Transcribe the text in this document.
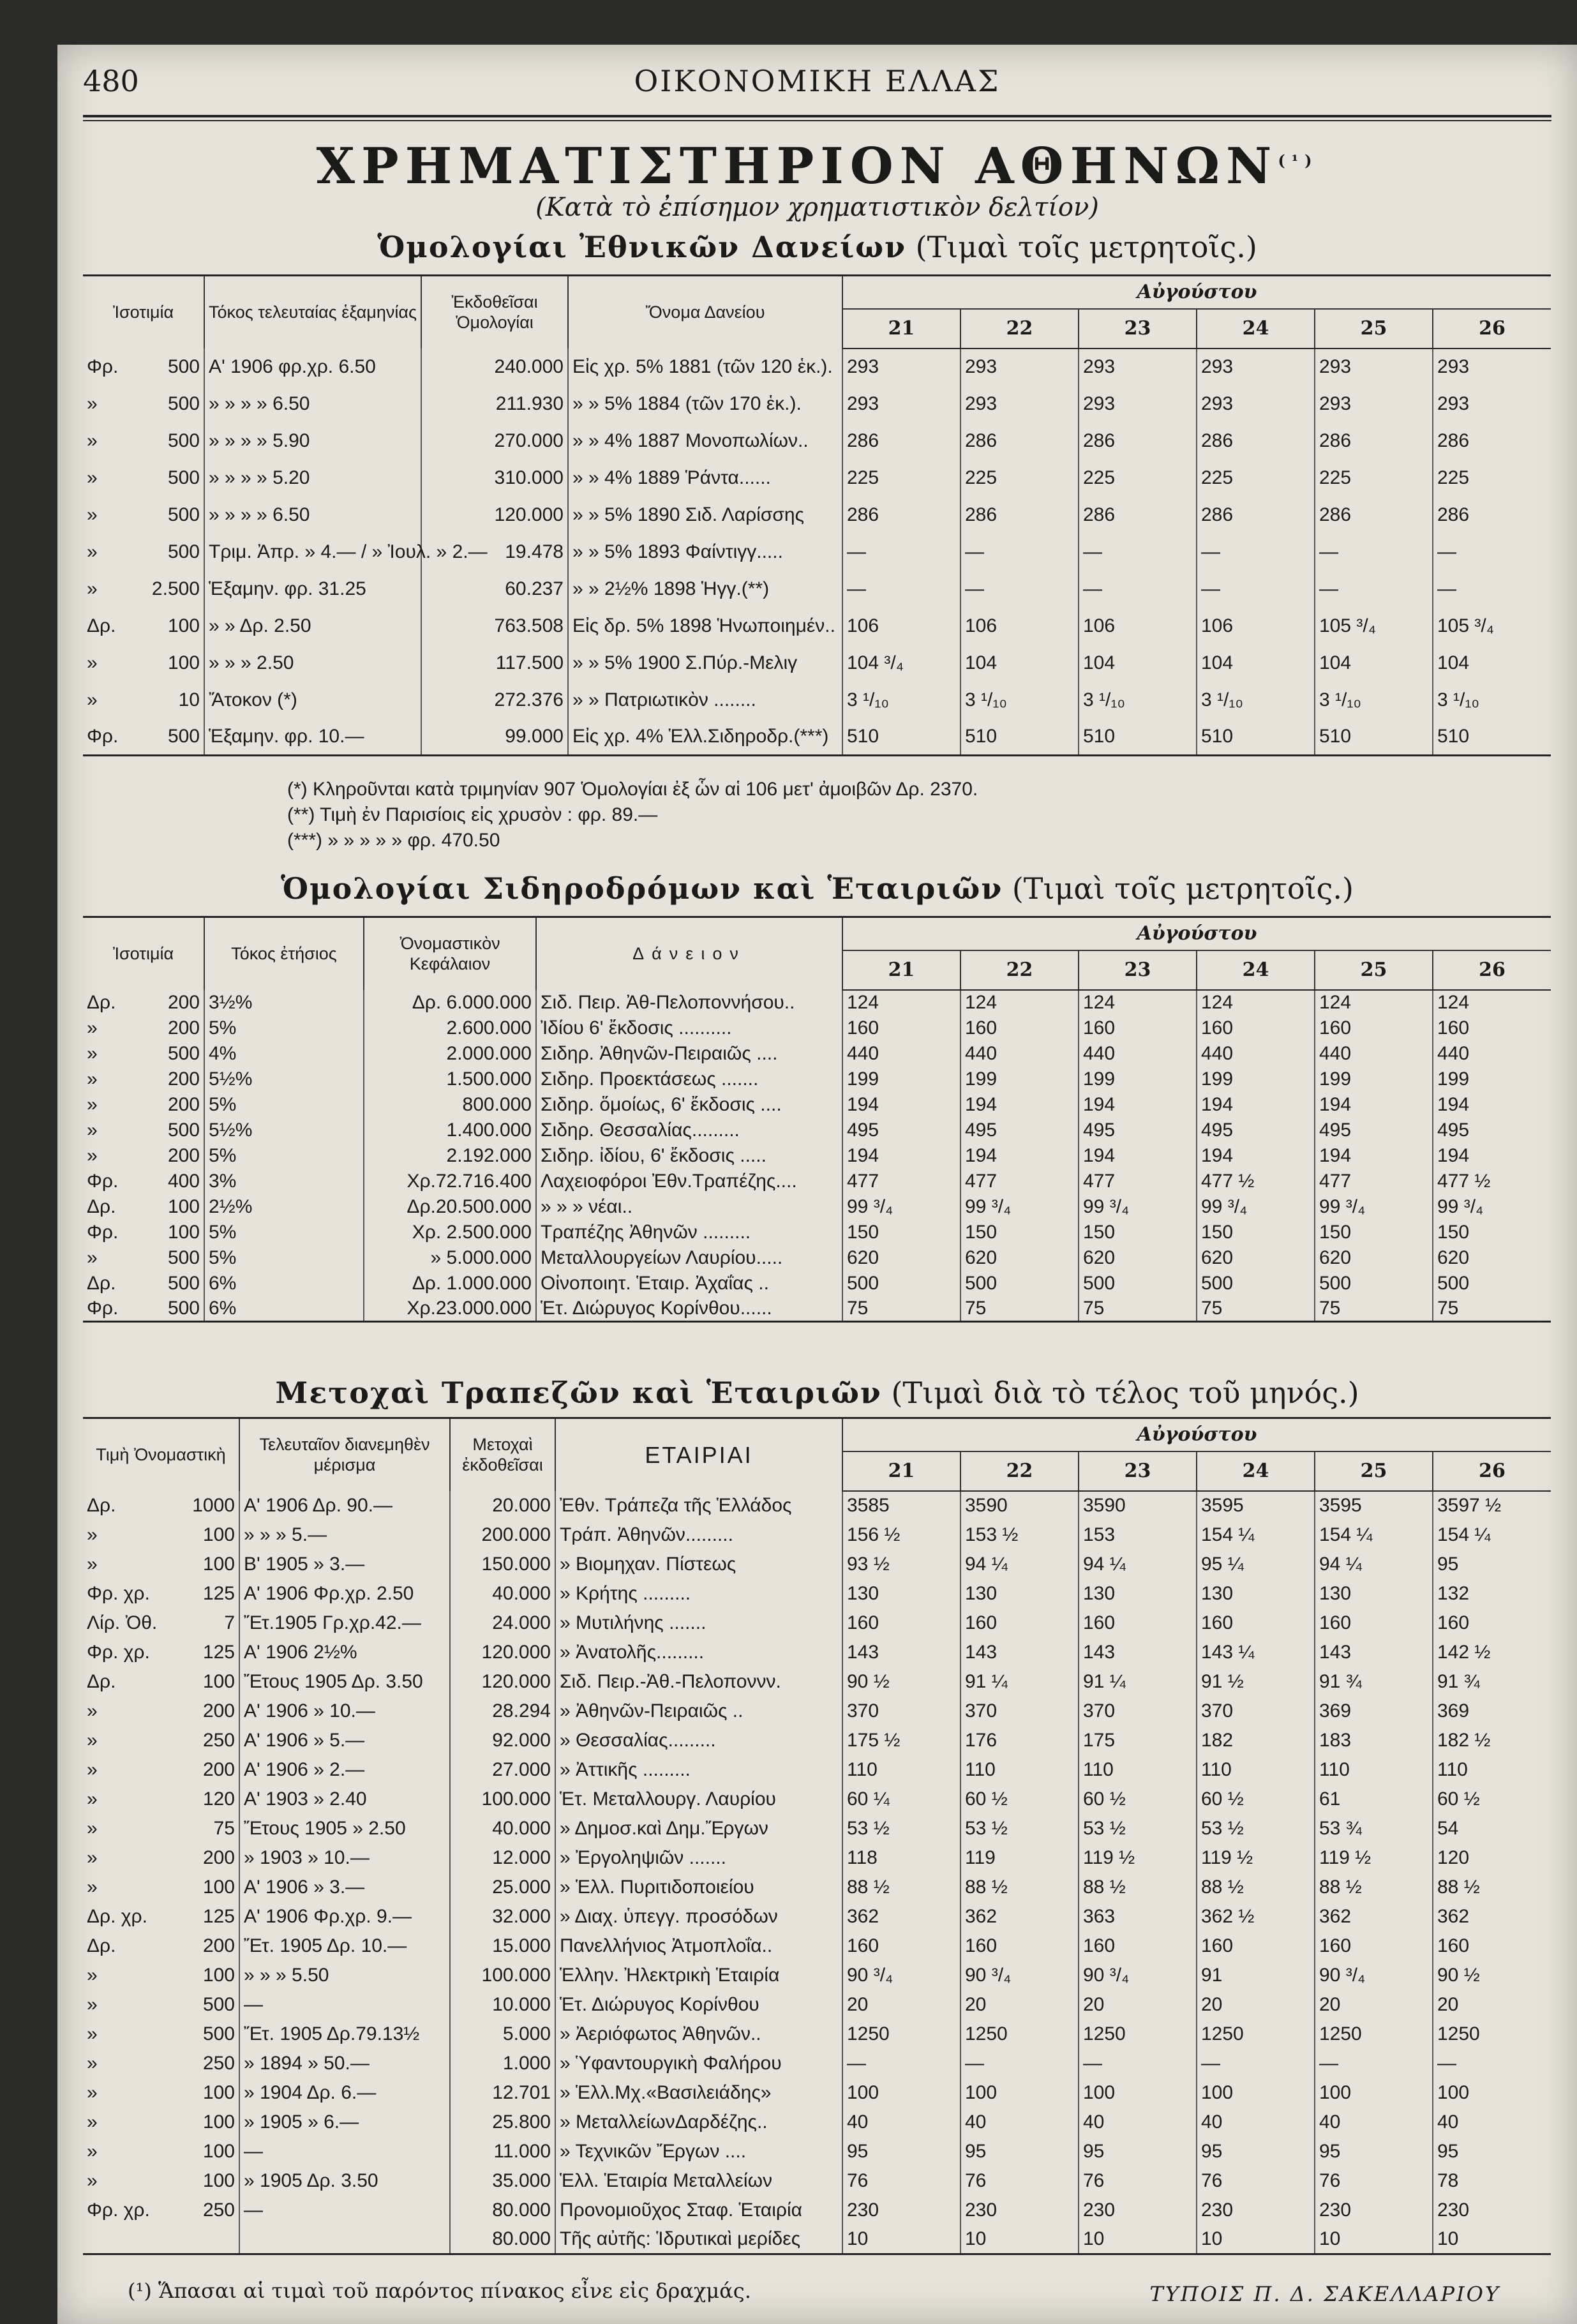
480	ΟΙΚΟΝΟΜΙΚΗ ΕΛΛΑΣ
ΧΡΗΜΑΤΙΣΤΗΡΙΟΝ ΑΘΗΝΩΝ$^{(^1)}$
(Κατὰ τὸ ἐπίσημον χρηματιστικὸν δελτίον)
Ὁμολογίαι Ἐθνικῶν Δανείων (Τιμαὶ τοῖς μετρητοῖς.)
Ἰσοτιμία	Τόκος τελευταίας ἑξαμηνίας	Ἐκδοθεῖσαι Ὁμολογίαι	Ὄνομα Δανείου	Αὐγούστου					
				21	22	23	24	25	26

Φρ. 500	Α' 1906 φρ.χρ. 6.50	240.000	Εἰς χρ. 5% 1881 (τῶν 120 ἑκ.).	293	293	293	293	293	293

» 500	» » » » 6.50	211.930	» » 5% 1884 (τῶν 170 ἑκ.).	293	293	293	293	293	293

» 500	» » » » 5.90	270.000	» » 4% 1887 Μονοπωλίων..	286	286	286	286	286	286

» 500	» » » » 5.20	310.000	» » 4% 1889 Ῥάντα......	225	225	225	225	225	225

» 500	» » » » 6.50	120.000	» » 5% 1890 Σιδ. Λαρίσσης	286	286	286	286	286	286

» 500	Τριμ. Ἀπρ. » 4.— / » Ἰουλ. » 2.—	19.478	» » 5% 1893 Φαίντιγγ.....	—	—	—	—	—	—

» 2.500	Ἑξαμην. φρ. 31.25	60.237	» » 2½% 1898 Ἡγγ.(**)	—	—	—	—	—	—

Δρ. 100	» » Δρ. 2.50	763.508	Εἰς δρ. 5% 1898 Ἡνωποιημέν..	106	106	106	106	105 ³/₄	105 ³/₄

» 100	» » » 2.50	117.500	» » 5% 1900 Σ.Πύρ.-Μελιγ	104 ³/₄	104	104	104	104	104

» 10	Ἄτοκον (*)	272.376	» » Πατριωτικὸν ........	3 ¹/₁₀	3 ¹/₁₀	3 ¹/₁₀	3 ¹/₁₀	3 ¹/₁₀	3 ¹/₁₀

Φρ. 500	Ἑξαμην. φρ. 10.—	99.000	Εἰς χρ. 4% Ἑλλ.Σιδηροδρ.(***)	510	510	510	510	510	510
(*) Κληροῦνται κατὰ τριμηνίαν 907 Ὁμολογίαι ἐξ ὧν αἱ 106 μετ' ἀμοιβῶν Δρ. 2370.
(**) Τιμὴ ἐν Παρισίοις εἰς χρυσὸν : φρ. 89.—
(***) » » » » » φρ. 470.50
Ὁμολογίαι Σιδηροδρόμων καὶ Ἑταιριῶν (Τιμαὶ τοῖς μετρητοῖς.)
Ἰσοτιμία	Τόκος ἐτήσιος	Ὀνομαστικὸν Κεφάλαιον	Δάνειον	Αὐγούστου					
				21	22	23	24	25	26

Δρ. 200	3½%	Δρ. 6.000.000	Σιδ. Πειρ. Ἀθ-Πελοποννήσου..	124	124	124	124	124	124

» 200	5%	2.600.000	Ἰδίου 6' ἔκδοσις ..........	160	160	160	160	160	160

» 500	4%	2.000.000	Σιδηρ. Ἀθηνῶν-Πειραιῶς ....	440	440	440	440	440	440

» 200	5½%	1.500.000	Σιδηρ. Προεκτάσεως .......	199	199	199	199	199	199

» 200	5%	800.000	Σιδηρ. ὅμοίως, 6' ἔκδοσις ....	194	194	194	194	194	194

» 500	5½%	1.400.000	Σιδηρ. Θεσσαλίας.........	495	495	495	495	495	495

» 200	5%	2.192.000	Σιδηρ. ἰδίου, 6' ἔκδοσις .....	194	194	194	194	194	194

Φρ. 400	3%	Χρ.72.716.400	Λαχειοφόροι Ἐθν.Τραπέζης....	477	477	477	477 ½	477	477 ½

Δρ. 100	2½%	Δρ.20.500.000	» » » νέαι..	99 ³/₄	99 ³/₄	99 ³/₄	99 ³/₄	99 ³/₄	99 ³/₄

Φρ. 100	5%	Χρ. 2.500.000	Τραπέζης Ἀθηνῶν .........	150	150	150	150	150	150

» 500	5%	» 5.000.000	Μεταλλουργείων Λαυρίου.....	620	620	620	620	620	620

Δρ. 500	6%	Δρ. 1.000.000	Οἰνοποιητ. Ἑταιρ. Ἀχαΐας ..	500	500	500	500	500	500

Φρ. 500	6%	Χρ.23.000.000	Ἑτ. Διώρυγος Κορίνθου......	75	75	75	75	75	75
Μετοχαὶ Τραπεζῶν καὶ Ἑταιριῶν (Τιμαὶ διὰ τὸ τέλος τοῦ μηνός.)
Τιμὴ Ὀνομαστικὴ	Τελευταῖον διανεμηθὲν μέρισμα	Μετοχαὶ ἐκδοθεῖσαι	ΕΤΑΙΡΙΑΙ	Αὐγούστου					
				21	22	23	24	25	26

Δρ. 1000	Α' 1906 Δρ. 90.—	20.000	Ἐθν. Τράπεζα τῆς Ἑλλάδος	3585	3590	3590	3595	3595	3597 ½

» 100	» » » 5.—	200.000	Τράπ. Ἀθηνῶν.........	156 ½	153 ½	153	154 ¼	154 ¼	154 ¼

» 100	Β' 1905 » 3.—	150.000	» Βιομηχαν. Πίστεως	93 ½	94 ¼	94 ¼	95 ¼	94 ¼	95

Φρ. χρ. 125	Α' 1906 Φρ.χρ. 2.50	40.000	» Κρήτης .........	130	130	130	130	130	132

Λίρ. Ὀθ. 7	Ἔτ.1905 Γρ.χρ.42.—	24.000	» Μυτιλήνης .......	160	160	160	160	160	160

Φρ. χρ. 125	Α' 1906 2½%	120.000	» Ἀνατολῆς.........	143	143	143	143 ¼	143	142 ½

Δρ. 100	Ἔτους 1905 Δρ. 3.50	120.000	Σιδ. Πειρ.-Ἀθ.-Πελοποννν.	90 ½	91 ¼	91 ¼	91 ½	91 ¾	91 ¾

» 200	Α' 1906 » 10.—	28.294	» Ἀθηνῶν-Πειραιῶς ..	370	370	370	370	369	369

» 250	Α' 1906 » 5.—	92.000	» Θεσσαλίας.........	175 ½	176	175	182	183	182 ½

» 200	Α' 1906 » 2.—	27.000	» Ἀττικῆς .........	110	110	110	110	110	110

» 120	Α' 1903 » 2.40	100.000	Ἑτ. Μεταλλουργ. Λαυρίου	60 ¼	60 ½	60 ½	60 ½	61	60 ½

» 75	Ἔτους 1905 » 2.50	40.000	» Δημοσ.καὶ Δημ.Ἔργων	53 ½	53 ½	53 ½	53 ½	53 ¾	54

» 200	» 1903 » 10.—	12.000	» Ἐργοληψιῶν .......	118	119	119 ½	119 ½	119 ½	120

» 100	Α' 1906 » 3.—	25.000	» Ἑλλ. Πυριτιδοποιείου	88 ½	88 ½	88 ½	88 ½	88 ½	88 ½

Δρ. χρ. 125	Α' 1906 Φρ.χρ. 9.—	32.000	» Διαχ. ὑπεγγ. προσόδων	362	362	363	362 ½	362	362

Δρ. 200	Ἔτ. 1905 Δρ. 10.—	15.000	Πανελλήνιος Ἀτμοπλοΐα..	160	160	160	160	160	160

» 100	» » » 5.50	100.000	Ἑλλην. Ἠλεκτρικὴ Ἑταιρία	90 ³/₄	90 ³/₄	90 ³/₄	91	90 ³/₄	90 ½

» 500	—	10.000	Ἑτ. Διώρυγος Κορίνθου	20	20	20	20	20	20

» 500	Ἔτ. 1905 Δρ.79.13½	5.000	» Ἀεριόφωτος Ἀθηνῶν..	1250	1250	1250	1250	1250	1250

» 250	» 1894 » 50.—	1.000	» Ὑφαντουργικὴ Φαλήρου	—	—	—	—	—	—

» 100	» 1904 Δρ. 6.—	12.701	» Ἑλλ.Μχ.«Βασιλειάδης»	100	100	100	100	100	100

» 100	» 1905 » 6.—	25.800	» ΜεταλλείωνΔαρδέζης..	40	40	40	40	40	40

» 100	—	11.000	» Τεχνικῶν Ἔργων ....	95	95	95	95	95	95

» 100	» 1905 Δρ. 3.50	35.000	Ἑλλ. Ἑταιρία Μεταλλείων	76	76	76	76	76	78

Φρ. χρ. 250	—	80.000	Προνομιοῦχος Σταφ. Ἑταιρία	230	230	230	230	230	230

		80.000	Τῆς αὐτῆς: Ἱδρυτικαὶ μερίδες	10	10	10	10	10	10
(¹) Ἅπασαι αἱ τιμαὶ τοῦ παρόντος πίνακος εἶνε εἰς δραχμάς.	ΤΥΠΟΙΣ Π. Δ. ΣΑΚΕΛΛΑΡΙΟΥ
